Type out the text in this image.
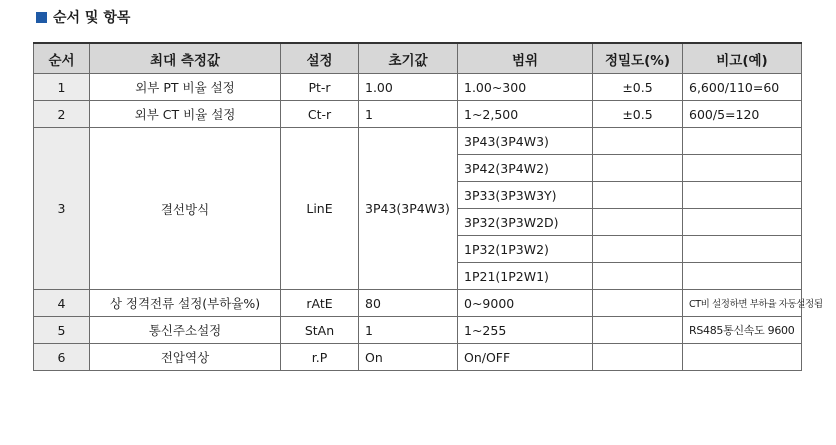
순서 및 항목
순서	최대 측정값	설정	초기값	범위	정밀도(%)	비고(예)
1	외부 PT 비율 설정	Pt-r	1.00	1.00~300	±0.5	6,600/110=60
2	외부 CT 비율 설정	Ct-r	1	1~2,500	±0.5	600/5=120
3	결선방식	LinE	3P43(3P4W3)	3P43(3P4W3)		
				3P42(3P4W2)		
				3P33(3P3W3Y)		
				3P32(3P3W2D)		
				1P32(1P3W2)		
				1P21(1P2W1)		
4	상 정격전류 설정(부하율%)	rAtE	80	0~9000		CT비 설정하면 부하율 자동설정됨
5	통신주소설정	StAn	1	1~255		RS485통신속도 9600
6	전압역상	r.P	On	On/OFF		
